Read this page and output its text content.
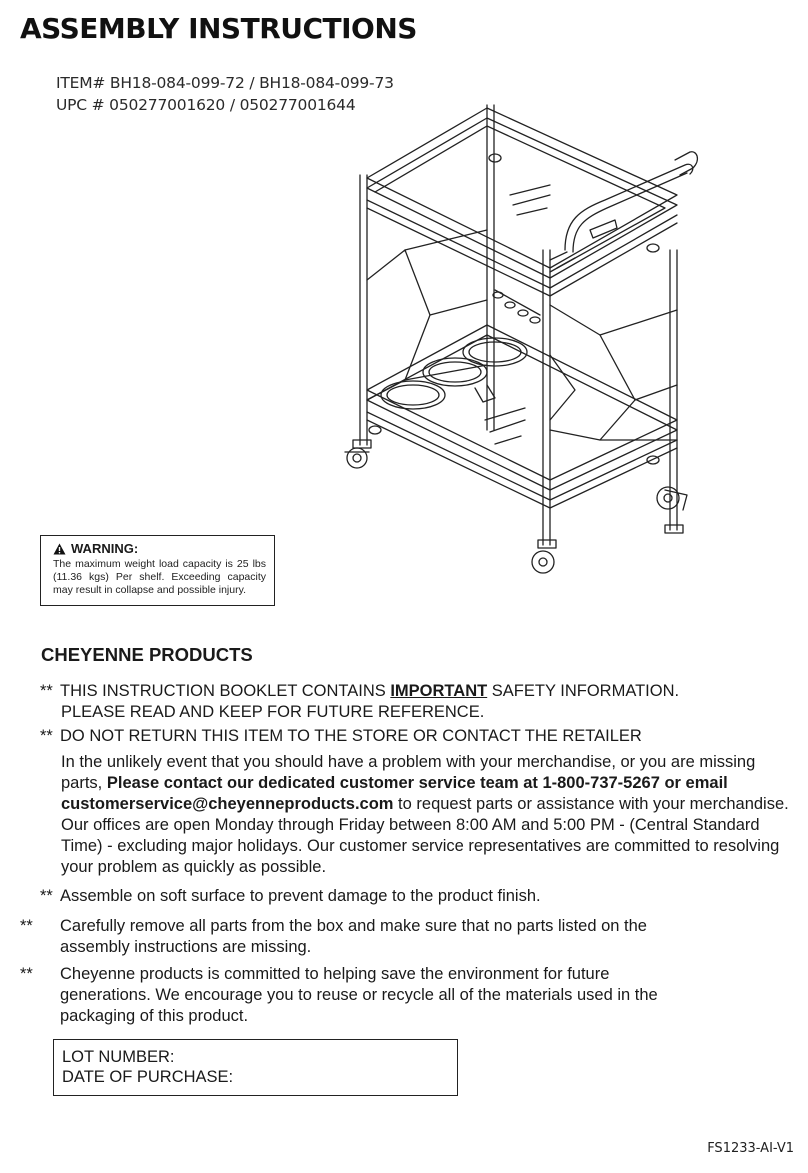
ASSEMBLY INSTRUCTIONS
ITEM# BH18-084-099-72 / BH18-084-099-73
UPC # 050277001620 / 050277001644
WARNING:
The maximum weight load capacity is 25 lbs (11.36 kgs) Per shelf. Exceeding capacity may result in collapse and possible injury.
CHEYENNE PRODUCTS
** THIS INSTRUCTION BOOKLET CONTAINS IMPORTANT SAFETY INFORMATION.
PLEASE READ AND KEEP FOR FUTURE REFERENCE.
** DO NOT RETURN THIS ITEM TO THE STORE OR CONTACT THE RETAILER
In the unlikely event that you should have a problem with your merchandise, or you are missing parts, Please contact our dedicated customer service team at 1-800-737-5267 or email customerservice@cheyenneproducts.com to request parts or assistance with your merchandise. Our offices are open Monday through Friday between 8:00 AM and 5:00 PM - (Central Standard Time) - excluding major holidays. Our customer service representatives are committed to resolving your problem as quickly as possible.
** Assemble on soft surface to prevent damage to the product finish.
** Carefully remove all parts from the box and make sure that no parts listed on the assembly instructions are missing.
** Cheyenne products is committed to helping save the environment for future generations. We encourage you to reuse or recycle all of the materials used in the packaging of this product.
LOT NUMBER:
DATE OF PURCHASE:
FS1233-AI-V1
